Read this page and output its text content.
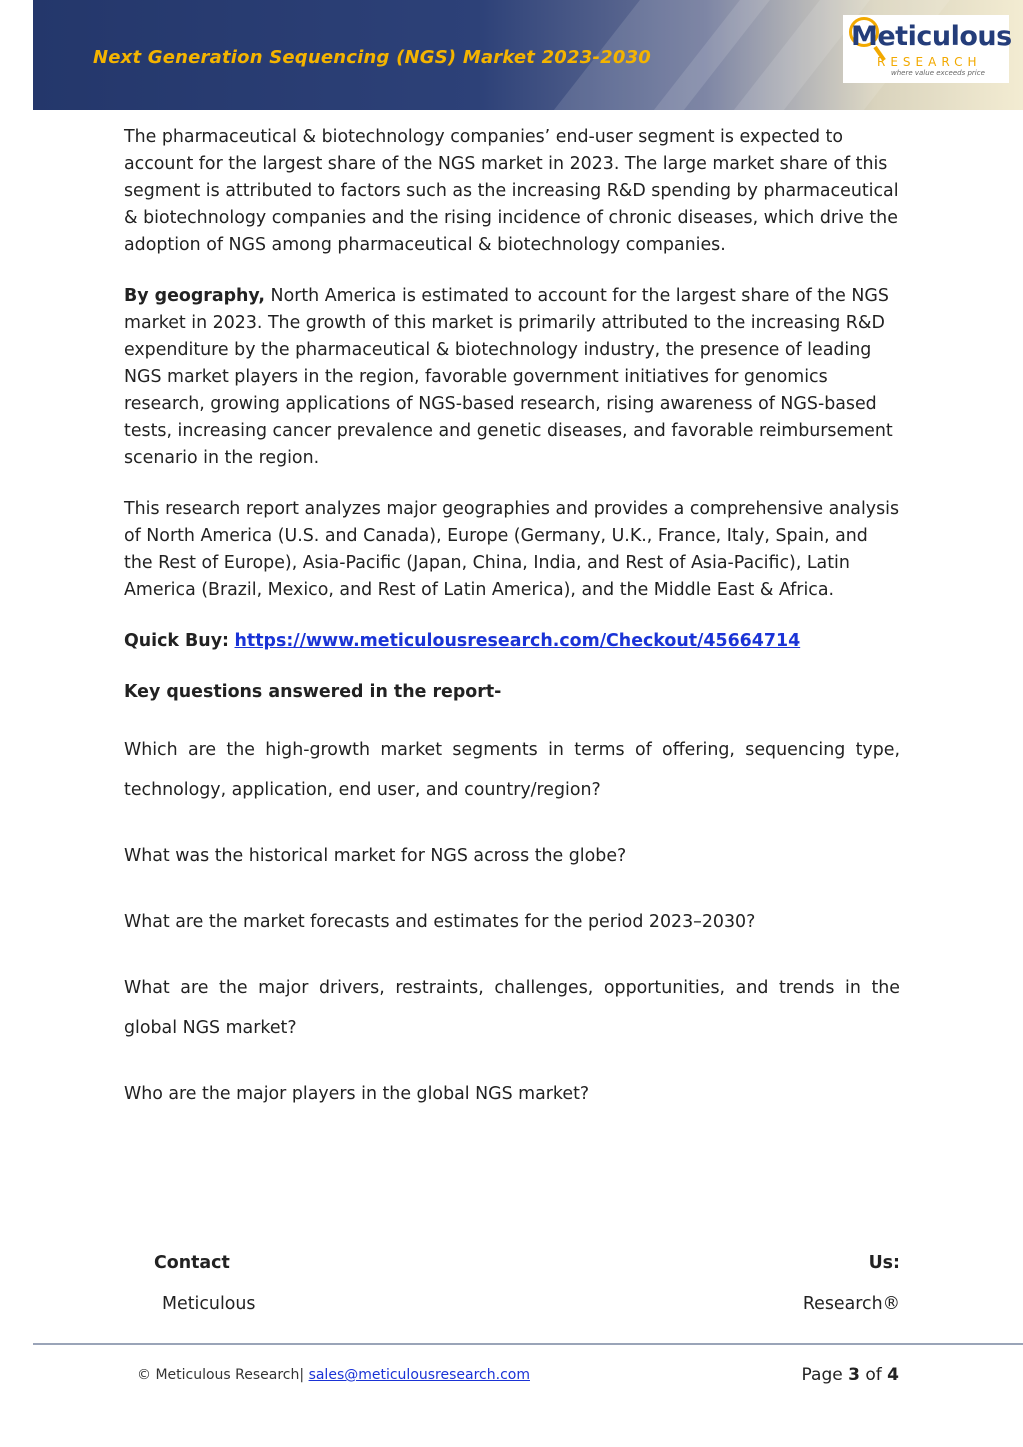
Next Generation Sequencing (NGS) Market 2023-2030
Meticulous
RESEARCH
where value exceeds price

The pharmaceutical & biotechnology companies’ end-user segment is expected to account for the largest share of the NGS market in 2023. The large market share of this segment is attributed to factors such as the increasing R&D spending by pharmaceutical & biotechnology companies and the rising incidence of chronic diseases, which drive the adoption of NGS among pharmaceutical & biotechnology companies.

By geography, North America is estimated to account for the largest share of the NGS market in 2023. The growth of this market is primarily attributed to the increasing R&D expenditure by the pharmaceutical & biotechnology industry, the presence of leading NGS market players in the region, favorable government initiatives for genomics research, growing applications of NGS-based research, rising awareness of NGS-based tests, increasing cancer prevalence and genetic diseases, and favorable reimbursement scenario in the region.

This research report analyzes major geographies and provides a comprehensive analysis of North America (U.S. and Canada), Europe (Germany, U.K., France, Italy, Spain, and the Rest of Europe), Asia-Pacific (Japan, China, India, and Rest of Asia-Pacific), Latin America (Brazil, Mexico, and Rest of Latin America), and the Middle East & Africa.

Quick Buy: https://www.meticulousresearch.com/Checkout/45664714

Key questions answered in the report-

Which are the high-growth market segments in terms of offering, sequencing type, technology, application, end user, and country/region?

What was the historical market for NGS across the globe?

What are the market forecasts and estimates for the period 2023–2030?

What are the major drivers, restraints, challenges, opportunities, and trends in the global NGS market?

Who are the major players in the global NGS market?

Contact	Us:
Meticulous	Research®
© Meticulous Research| sales@meticulousresearch.com	Page 3 of 4
